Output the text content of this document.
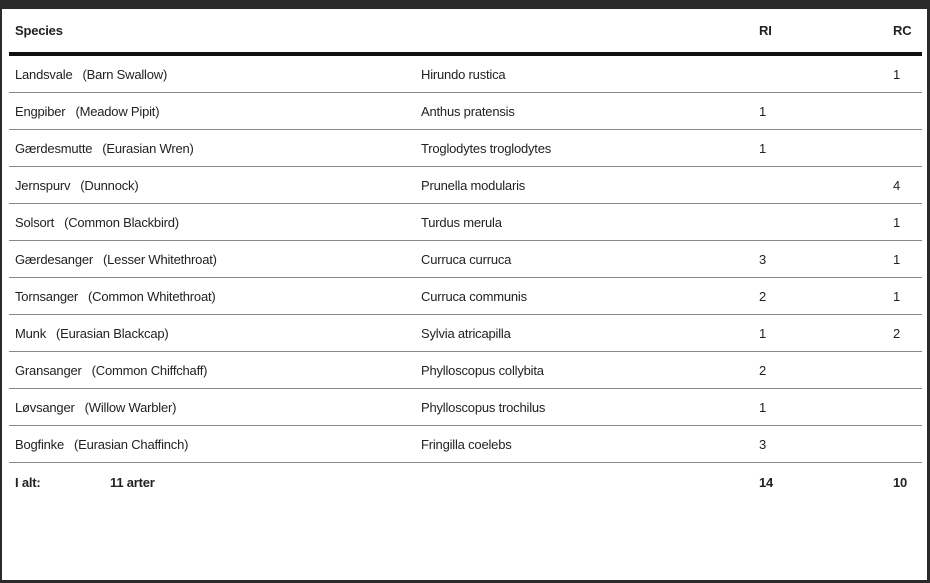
Species		RI	RC
Landsvale (Barn Swallow)	Hirundo rustica		1
Engpiber (Meadow Pipit)	Anthus pratensis	1	
Gærdesmutte (Eurasian Wren)	Troglodytes troglodytes	1	
Jernspurv (Dunnock)	Prunella modularis		4
Solsort (Common Blackbird)	Turdus merula		1
Gærdesanger (Lesser Whitethroat)	Curruca curruca	3	1
Tornsanger (Common Whitethroat)	Curruca communis	2	1
Munk (Eurasian Blackcap)	Sylvia atricapilla	1	2
Gransanger (Common Chiffchaff)	Phylloscopus collybita	2	
Løvsanger (Willow Warbler)	Phylloscopus trochilus	1	
Bogfinke (Eurasian Chaffinch)	Fringilla coelebs	3	
I alt: 11 arter		14	10
